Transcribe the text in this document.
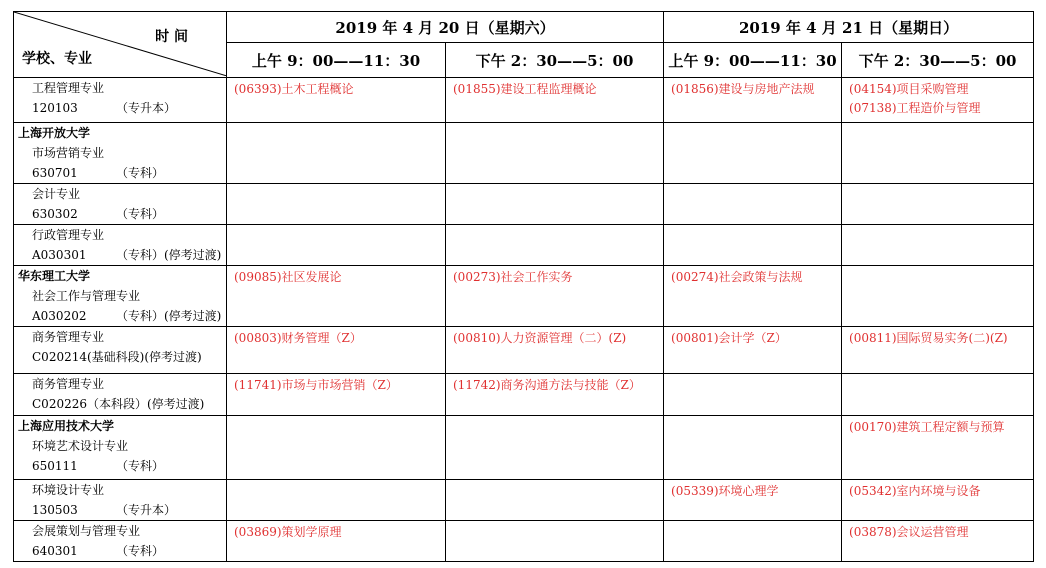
时 间
学校、专业	2019 年 4 月 20 日（星期六）		2019 年 4 月 21 日（星期日）	
	上午 9：00——11：30	下午 2：30——5：00	上午 9：00——11：30	下午 2：30——5：00

工程管理专业
120103 （专升本）	(06393)土木工程概论	(01855)建设工程监理概论	(01856)建设与房地产法规	(04154)项目采购管理
(07138)工程造价与管理

上海开放大学
市场营销专业
630701 （专科）				

会计专业
630302 （专科）				

行政管理专业
A030301 （专科）(停考过渡)				

华东理工大学
社会工作与管理专业
A030202 （专科）(停考过渡)	(09085)社区发展论	(00273)社会工作实务	(00274)社会政策与法规	

商务管理专业
C020214(基础科段)(停考过渡)	(00803)财务管理（Z）	(00810)人力资源管理（二）(Z)	(00801)会计学（Z）	(00811)国际贸易实务(二)(Z)

商务管理专业
C020226（本科段）(停考过渡)	(11741)市场与市场营销（Z）	(11742)商务沟通方法与技能（Z）		

上海应用技术大学
环境艺术设计专业
650111 （专科）				(00170)建筑工程定额与预算

环境设计专业
130503 （专升本）			(05339)环境心理学	(05342)室内环境与设备

会展策划与管理专业
640301 （专科）	(03869)策划学原理			(03878)会议运营管理
